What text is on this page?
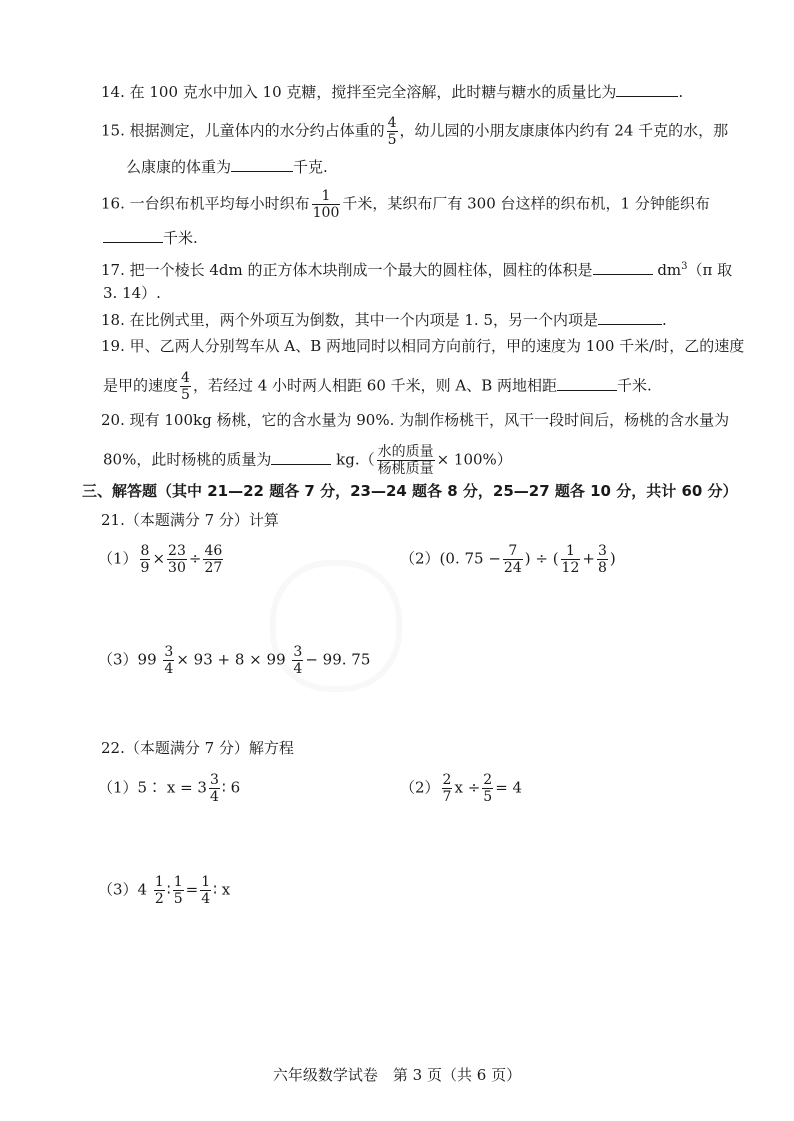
14. 在 100 克水中加入 10 克糖，搅拌至完全溶解，此时糖与糖水的质量比为	.
15. 根据测定，儿童体内的水分约占体重的 $\frac{4}{5}$ ，幼儿园的小朋友康康体内约有 24 千克的水，那
么康康的体重为	千克.
16. 一台织布机平均每小时织布 $\frac{1}{100}$ 千米，某织布厂有 300 台这样的织布机，1 分钟能织布
千米.
17. 把一个棱长 4dm 的正方体木块削成一个最大的圆柱体，圆柱的体积是	$dm^3(\pi$ 取
3. 14）.
18. 在比例式里，两个外项互为倒数，其中一个内项是 1. 5，另一个内项是	.
19. 甲、乙两人分别驾车从 A、B 两地同时以相同方向前行，甲的速度为 100 千米/时，乙的速度
是甲的速度 $\frac{4}{5}$ ，若经过 4 小时两人相距 60 千米，则 A、B 两地相距	千米.
20. 现有 100kg 杨桃，它的含水量为 90%. 为制作杨桃干，风干一段时间后，杨桃的含水量为
80%，此时杨桃的质量为	$kg.( \frac{\text{水的质量}}{\text{杨桃质量}} \times 100\%)$
三、解答题（其中 21—22 题各 7 分，23—24 题各 8 分，25—27 题各 10 分，共计 60 分）
21.（本题满分 7 分）计算
$(1) \frac{8}{9} \times \frac{23}{30} \div \frac{46}{27}$	（2）(0. $75 - \frac{7}{24}$ ) ÷ ( $\frac{1}{12} + \frac{3}{8}$ )
$(3)99 \frac{3}{4} \times 93 + 8 \times 99 \frac{3}{4} - 99$. 75
22.（本题满分 7 分）解方程
（1）5∶ $x = 3 \frac{3}{4}$ ∶ 6	$(2) \frac{2}{7}$ $x \div \frac{2}{5} = 4$
$(3)4 \frac{1}{2}$ ∶ $\frac{1}{5} = \frac{1}{4}$ ∶ x
六年级数学试卷　第 3 页（共 6 页）
